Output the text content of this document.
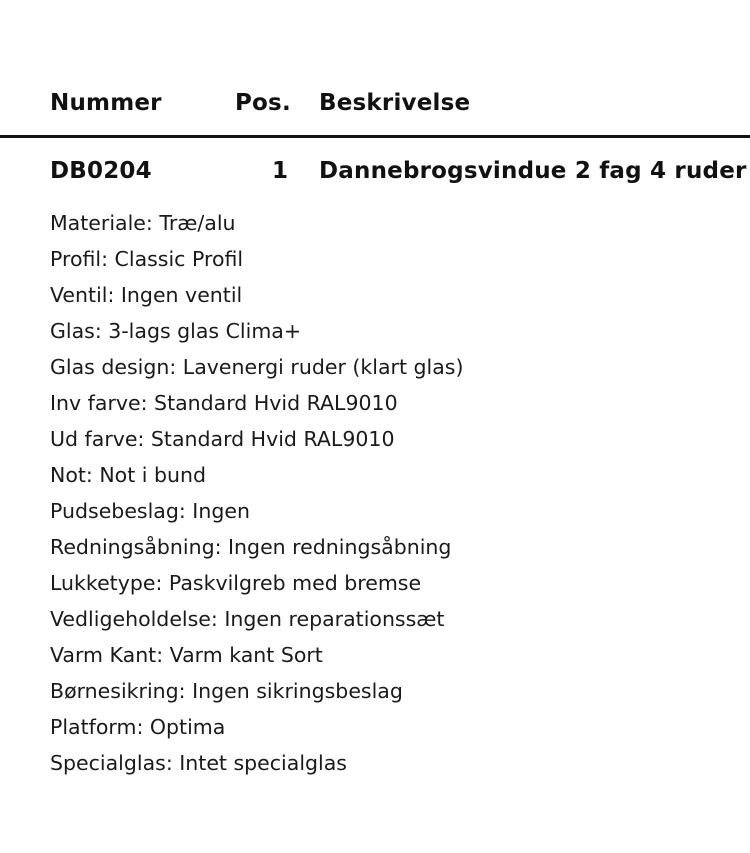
Nummer	Pos. Beskrivelse
DB0204	1 Dannebrogsvindue 2 fag 4 ruder
Materiale: Træ/alu
Profil: Classic Profil
Ventil: Ingen ventil
Glas: 3-lags glas Clima+
Glas design: Lavenergi ruder (klart glas)
Inv farve: Standard Hvid RAL9010
Ud farve: Standard Hvid RAL9010
Not: Not i bund
Pudsebeslag: Ingen
Redningsåbning: Ingen redningsåbning
Lukketype: Paskvilgreb med bremse
Vedligeholdelse: Ingen reparationssæt
Varm Kant: Varm kant Sort
Børnesikring: Ingen sikringsbeslag
Platform: Optima
Specialglas: Intet specialglas
